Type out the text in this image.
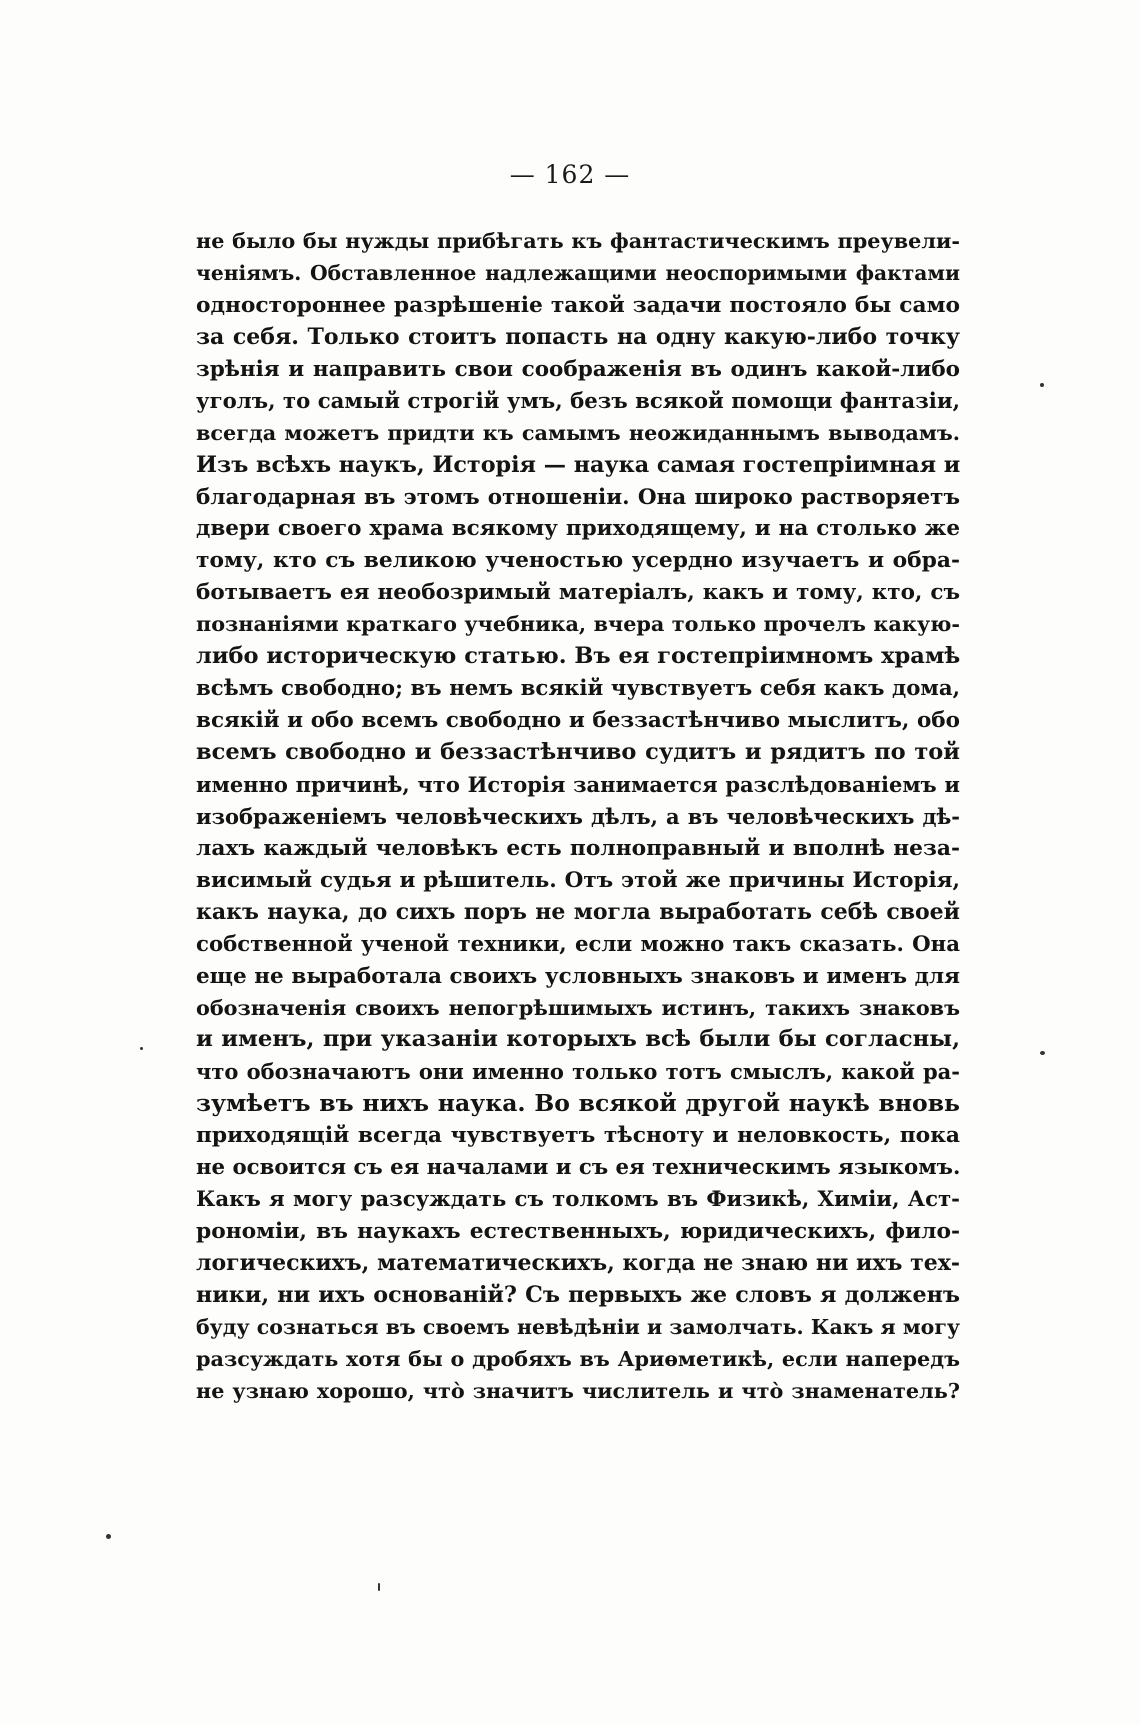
— 162 —
не было бы нужды прибѣгать къ фантастическимъ преувели-
ченіямъ. Обставленное надлежащими неоспоримыми фактами
одностороннее разрѣшеніе такой задачи постояло бы само
за себя. Только стоитъ попасть на одну какую-либо точку
зрѣнія и направить свои соображенія въ одинъ какой-либо
уголъ, то самый строгій умъ, безъ всякой помощи фантазіи,
всегда можетъ придти къ самымъ неожиданнымъ выводамъ.
Изъ всѣхъ наукъ, Исторія — наука самая гостепріимная и
благодарная въ этомъ отношеніи. Она широко растворяетъ
двери своего храма всякому приходящему, и на столько же
тому, кто съ великою ученостью усердно изучаетъ и обра-
ботываетъ ея необозримый матеріалъ, какъ и тому, кто, съ
познаніями краткаго учебника, вчера только прочелъ какую-
либо историческую статью. Въ ея гостепріимномъ храмѣ
всѣмъ свободно; въ немъ всякій чувствуетъ себя какъ дома,
всякій и обо всемъ свободно и беззастѣнчиво мыслитъ, обо
всемъ свободно и беззастѣнчиво судитъ и рядитъ по той
именно причинѣ, что Исторія занимается разслѣдованіемъ и
изображеніемъ человѣческихъ дѣлъ, а въ человѣческихъ дѣ-
лахъ каждый человѣкъ есть полноправный и вполнѣ неза-
висимый судья и рѣшитель. Отъ этой же причины Исторія,
какъ наука, до сихъ поръ не могла выработать себѣ своей
собственной ученой техники, если можно такъ сказать. Она
еще не выработала своихъ условныхъ знаковъ и именъ для
обозначенія своихъ непогрѣшимыхъ истинъ, такихъ знаковъ
и именъ, при указаніи которыхъ всѣ были бы согласны,
что обозначаютъ они именно только тотъ смыслъ, какой ра-
зумѣетъ въ нихъ наука. Во всякой другой наукѣ вновь
приходящій всегда чувствуетъ тѣсноту и неловкость, пока
не освоится съ ея началами и съ ея техническимъ языкомъ.
Какъ я могу разсуждать съ толкомъ въ Физикѣ, Химіи, Аст-
рономіи, въ наукахъ естественныхъ, юридическихъ, фило-
логическихъ, математическихъ, когда не знаю ни ихъ тех-
ники, ни ихъ основаній? Съ первыхъ же словъ я долженъ
буду сознаться въ своемъ невѣдѣніи и замолчать. Какъ я могу
разсуждать хотя бы о дробяхъ въ Ариѳметикѣ, если напередъ
не узнаю хорошо, что̀ значитъ числитель и что̀ знаменатель?
